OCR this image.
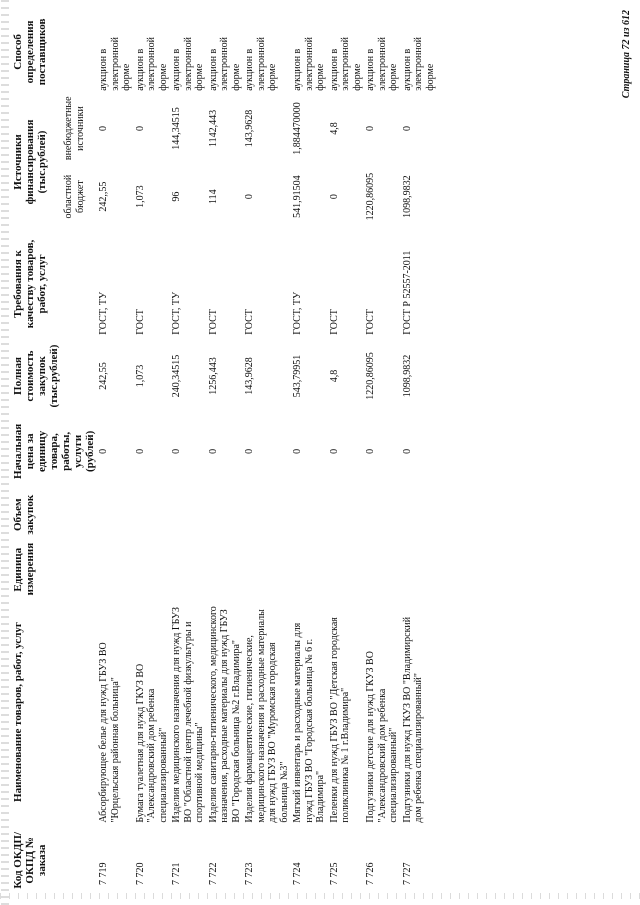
Код ОКДП/ ОКПД № заказа	Наименование товаров, работ, услуг	Единица измерения	Объем закупок	Начальная цена за единицу товара, работы, услуги (рублей)	Полная стоимость закупок (тыс.рублей)	Требования к качеству товаров, работ, услуг	Источники финансирования (тыс.рублей)		Способ определения поставщиков
							областной бюджет	внебюджетные источники	
7 719	Абсорбирующее белье для нужд ГБУЗ ВО "Юрцельская районная больница"			0	242,55	ГОСТ, ТУ	242,,55	0	аукцион в электронной форме
7 720	Бумага туалетная для нужд ГКУЗ ВО "Александровский дом ребенка специализированный"			0	1,073	ГОСТ	1,073	0	аукцион в электронной форме
7 721	Изделия медицинского назначения для нужд ГБУЗ ВО "Областной центр лечебной физкультуры и спортивной медицины"			0	240,34515	ГОСТ, ТУ	96	144,34515	аукцион в электронной форме
7 722	Изделия санитарно-гигиенического, медицинского назначения, расходные материалы для нужд ГБУЗ ВО "Городская больница №2 г.Владимира"			0	1256,443	ГОСТ	114	1142,443	аукцион в электронной форме
7 723	Изделия фармацевтические, гигиенические, медицинского назначения и расходные материалы для нужд ГБУЗ ВО "Муромская городская больница №3"			0	143,9628	ГОСТ	0	143,9628	аукцион в электронной форме
7 724	Мягкий инвентарь и расходные материалы для нужд ГБУЗ ВО "Городская больница № 6 г. Владимира"			0	543,79951	ГОСТ, ТУ	541,91504	1,884470000	аукцион в электронной форме
7 725	Пеленки для нужд ГБУЗ ВО "Детская городская поликлиника № 1 г.Владимира"			0	4,8	ГОСТ	0	4,8	аукцион в электронной форме
7 726	Подгузники детские для нужд ГКУЗ ВО "Александровский дом ребенка специализированный"			0	1220,86095	ГОСТ	1220,86095	0	аукцион в электронной форме
7 727	Подгузники для нужд ГКУЗ ВО "Владимирский дом ребенка специализированный"			0	1098,9832	ГОСТ Р 52557-2011	1098,9832	0	аукцион в электронной форме	Страница 72 из 612
